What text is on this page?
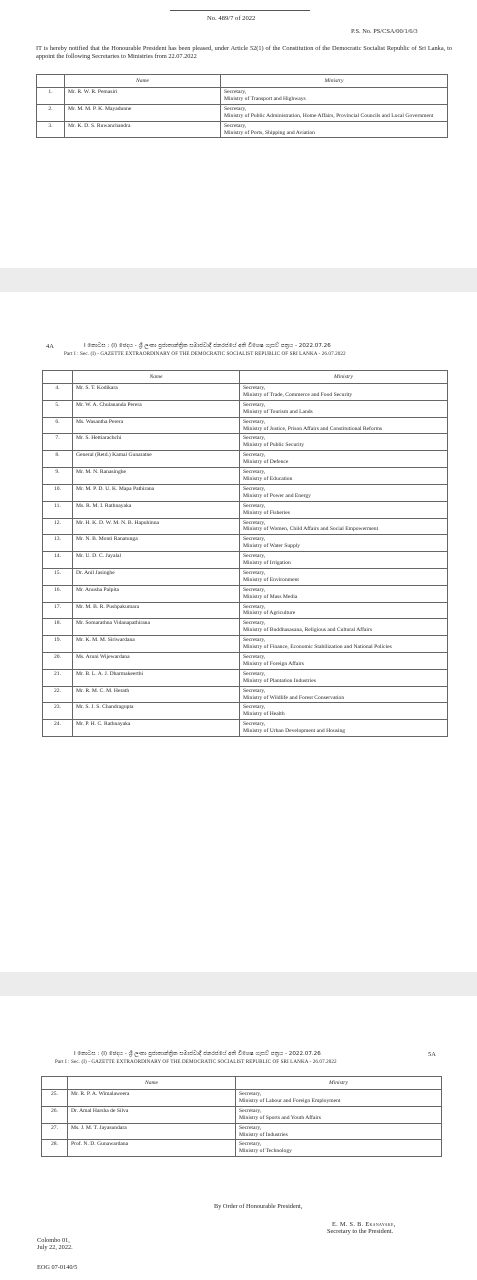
No. 489/7 of 2022
P.S. No. PS/CSA/00/1/6/3
IT is hereby notified that the Honourable President has been pleased, under Article 52(1) of the Constitution of the Democratic Socialist Republic of Sri Lanka, to appoint the following Secretaries to Ministries from 22.07.2022
	Name	Ministry
1.	Mr. R. W. R. Pemasiri	Secretary,
Ministry of Transport and Highways
2.	Mr. M. M. P. K. Mayadunne	Secretary,
Ministry of Public Administration, Home Affairs, Provincial Councils and Local Government
3.	Mr. K. D. S. Ruwanchandra	Secretary,
Ministry of Ports, Shipping and Aviation
4A	I කොටස : (I) ඡෙදය - ශ්‍රී ලංකා ප්‍රජාතාන්ත්‍රික සමාජවාදී ජනරජයේ අති විශෙෂ ගැසට් පත්‍රය - 2022.07.26
Part I : Sec. (I) - GAZETTE EXTRAORDINARY OF THE DEMOCRATIC SOCIALIST REPUBLIC OF SRI LANKA - 26.07.2022
	Name	Ministry
4.	Mr. S. T. Kodikara	Secretary,
Ministry of Trade, Commerce and Food Security
5.	Mr. W. A. Chulananda Perera	Secretary,
Ministry of Tourism and Lands
6.	Ms. Wasantha Perera	Secretary,
Ministry of Justice, Prison Affairs and Constitutional Reforms
7.	Mr. S. Hettiarachchi	Secretary,
Ministry of Public Security
8.	General (Retd.) Kamal Gunaratne	Secretary,
Ministry of Defence
9.	Mr. M. N. Ranasinghe	Secretary,
Ministry of Education
10.	Mr. M. P. D. U. K. Mapa Pathirana	Secretary,
Ministry of Power and Energy
11.	Ms. R. M. I. Rathnayaka	Secretary,
Ministry of Fisheries
12.	Mr. H. K. D. W. M. N. B. Hapuhinna	Secretary,
Ministry of Women, Child Affairs and Social Empowerment
13.	Mr. N. B. Monti Ranatunga	Secretary,
Ministry of Water Supply
14.	Mr. U. D. C. Jayalal	Secretary,
Ministry of Irrigation
15.	Dr. Anil Jasinghe	Secretary,
Ministry of Environment
16.	Mr. Anusha Palpita	Secretary,
Ministry of Mass Media
17.	Mr. M. B. R. Pushpakumara	Secretary,
Ministry of Agriculture
18.	Mr. Somarathna Vidanapathirana	Secretary,
Ministry of Buddhasasana, Religious and Cultural Affairs
19.	Mr. K. M. M. Siriwardana	Secretary,
Ministry of Finance, Economic Stabilization and National Policies
20.	Ms. Aruni Wijewardana	Secretary,
Ministry of Foreign Affairs
21.	Mr. B. L. A. J. Dharmakeerthi	Secretary,
Ministry of Plantation Industries
22.	Mr. R. M. C. M. Herath	Secretary,
Ministry of Wildlife and Forest Conservation
23.	Mr. S. J. S. Chandragupta	Secretary,
Ministry of Health
24.	Mr. P. H. C. Rathnayaka	Secretary,
Ministry of Urban Development and Housing
I කොටස : (I) ඡෙදය - ශ්‍රී ලංකා ප්‍රජාතාන්ත්‍රික සමාජවාදී ජනරජයේ අති විශෙෂ ගැසට් පත්‍රය - 2022.07.26	5A
Part I : Sec. (I) - GAZETTE EXTRAORDINARY OF THE DEMOCRATIC SOCIALIST REPUBLIC OF SRI LANKA - 26.07.2022
	Name	Ministry
25.	Mr. R. P. A. Wimalaweera	Secretary,
Ministry of Labour and Foreign Employment
26.	Dr. Amal Harsha de Silva	Secretary,
Ministry of Sports and Youth Affairs
27.	Ms. J. M. T. Jayasundara	Secretary,
Ministry of Industries
28.	Prof. N. D. Gunawardana	Secretary,
Ministry of Technology
By Order of Honourable President,
E. M. S. B. Ekanayake,
Secretary to the President.
Colombo 01,
July 22, 2022.
EOG 07-0140/5
